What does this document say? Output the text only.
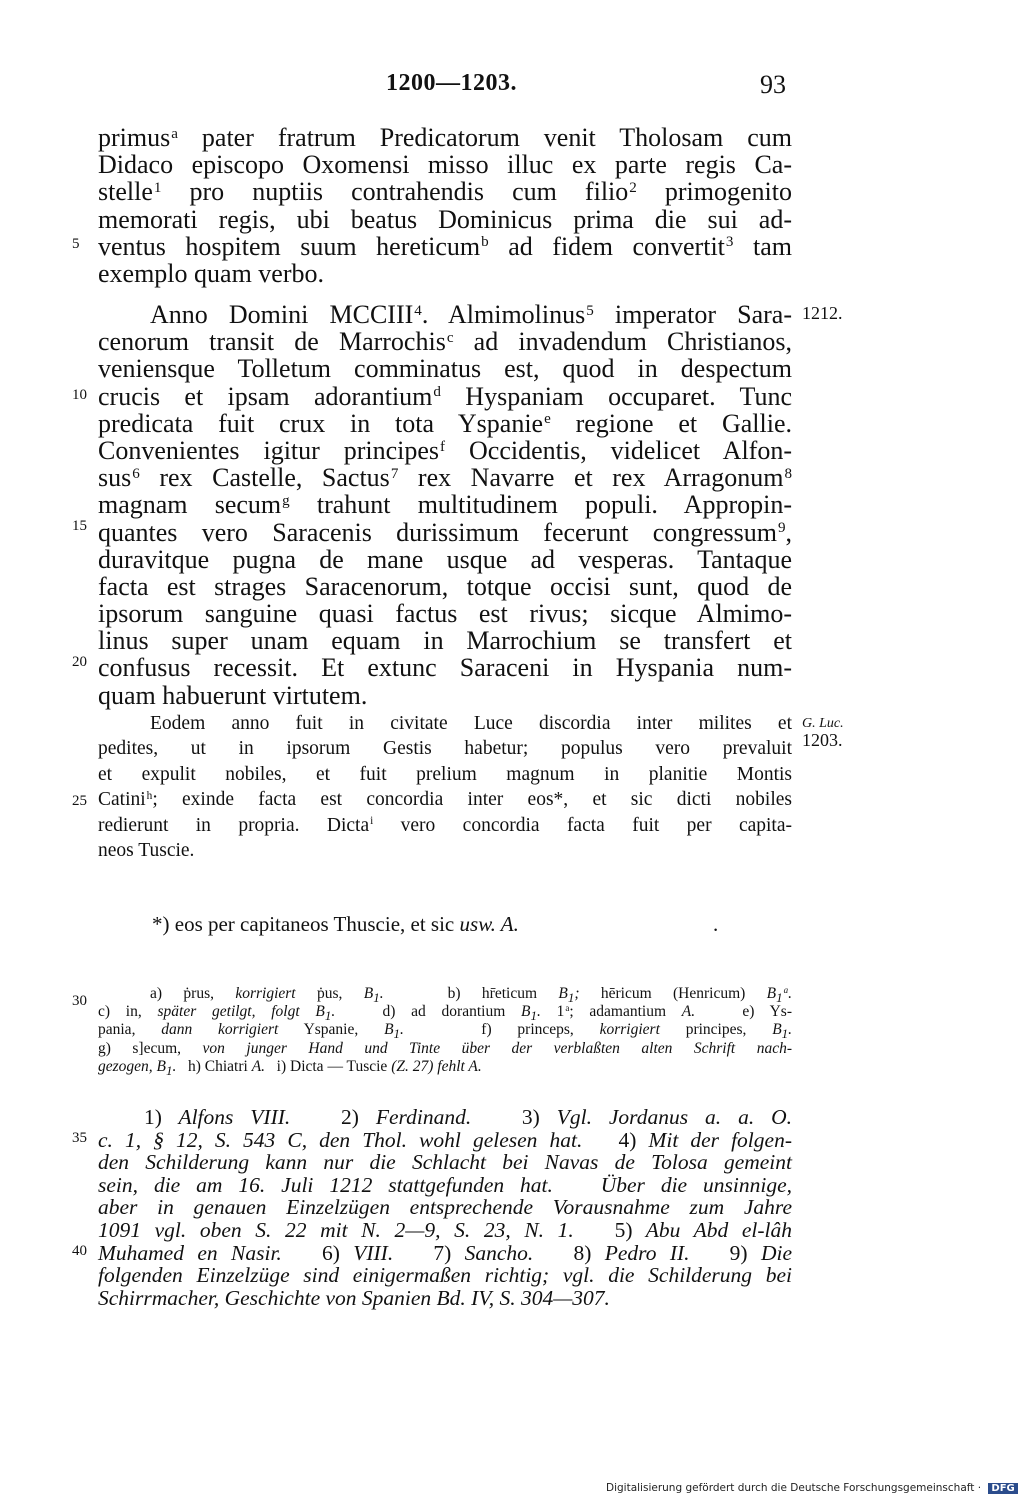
1200—1203.	93
primus$^a$ pater fratrum Predicatorum venit Tholosam cum
Didaco episcopo Oxomensi misso illuc ex parte regis Ca-
stelle$^1$ pro nuptiis contrahendis cum filio$^2$ primogenito
memorati regis, ubi beatus Dominicus prima die sui ad-
ventus hospitem suum hereticum$^b$ ad fidem convertit$^3$ tam
exemplo quam verbo.
Anno Domini MCCIII$^4$. Almimolinus$^5$ imperator Sara-
cenorum transit de Marrochis$^c$ ad invadendum Christianos,
veniensque Tolletum comminatus est, quod in despectum
crucis et ipsam adorantium$^d$ Hyspaniam occuparet. Tunc
predicata fuit crux in tota Yspanie$^e$ regione et Gallie.
Convenientes igitur principes$^f$ Occidentis, videlicet Alfon-
sus$^6$ rex Castelle, Sactus$^7$ rex Navarre et rex Arragonum$^8$
magnam secum$^g$ trahunt multitudinem populi. Appropin-
quantes vero Saracenis durissimum fecerunt congressum$^9$,
duravitque pugna de mane usque ad vesperas. Tantaque
facta est strages Saracenorum, totque occisi sunt, quod de
ipsorum sanguine quasi factus est rivus; sicque Almimo-
linus super unam equam in Marrochium se transfert et
confusus recessit. Et extunc Saraceni in Hyspania num-
quam habuerunt virtutem.
Eodem anno fuit in civitate Luce discordia inter milites et
pedites, ut in ipsorum Gestis habetur; populus vero prevaluit
et expulit nobiles, et fuit prelium magnum in planitie Montis
Catini$^h$; exinde facta est concordia inter eos*, et sic dicti nobiles
redierunt in propria. Dicta$^i$ vero concordia facta fuit per capita-
neos Tuscie.
5
10
15
20
25
30
35
40
1212.
G. Luc.
1203.
*) eos per capitaneos Thuscie, et sic usw. A.	.
a) ṗrus, korrigiert ṗus, $B_1$.   b) hr̄eticum $B_1$; hēricum (Henricum) $B_1^a$.
c) in, später getilgt, folgt $B_1$.   d) ad dorantium $B_1$. 1$^a$; adamantium A.   e) Ys-
pania, dann korrigiert Yspanie, $B_1$.   f) princeps, korrigiert principes, $B_1$.
g) s]ecum, von junger Hand und Tinte über der verblaßten alten Schrift nach-
gezogen, $B_1$.   h) Chiatri A.   i) Dicta — Tuscie (Z. 27) fehlt A.
1) Alfons VIII.   2) Ferdinand.   3) Vgl. Jordanus a. a. O.
c. 1, § 12, S. 543 C, den Thol. wohl gelesen hat.   4) Mit der folgen-
den Schilderung kann nur die Schlacht bei Navas de Tolosa gemeint
sein, die am 16. Juli 1212 stattgefunden hat.   Über die unsinnige,
aber in genauen Einzelzügen entsprechende Vorausnahme zum Jahre
1091 vgl. oben S. 22 mit N. 2—9, S. 23, N. 1.   5) Abu Abd el-lâh
Muhamed en Nasir.   6) VIII.   7) Sancho.   8) Pedro II.   9) Die
folgenden Einzelzüge sind einigermaßen richtig; vgl. die Schilderung bei
Schirrmacher, Geschichte von Spanien Bd. IV, S. 304—307.
Digitalisierung gefördert durch die Deutsche Forschungsgemeinschaft · DFG
